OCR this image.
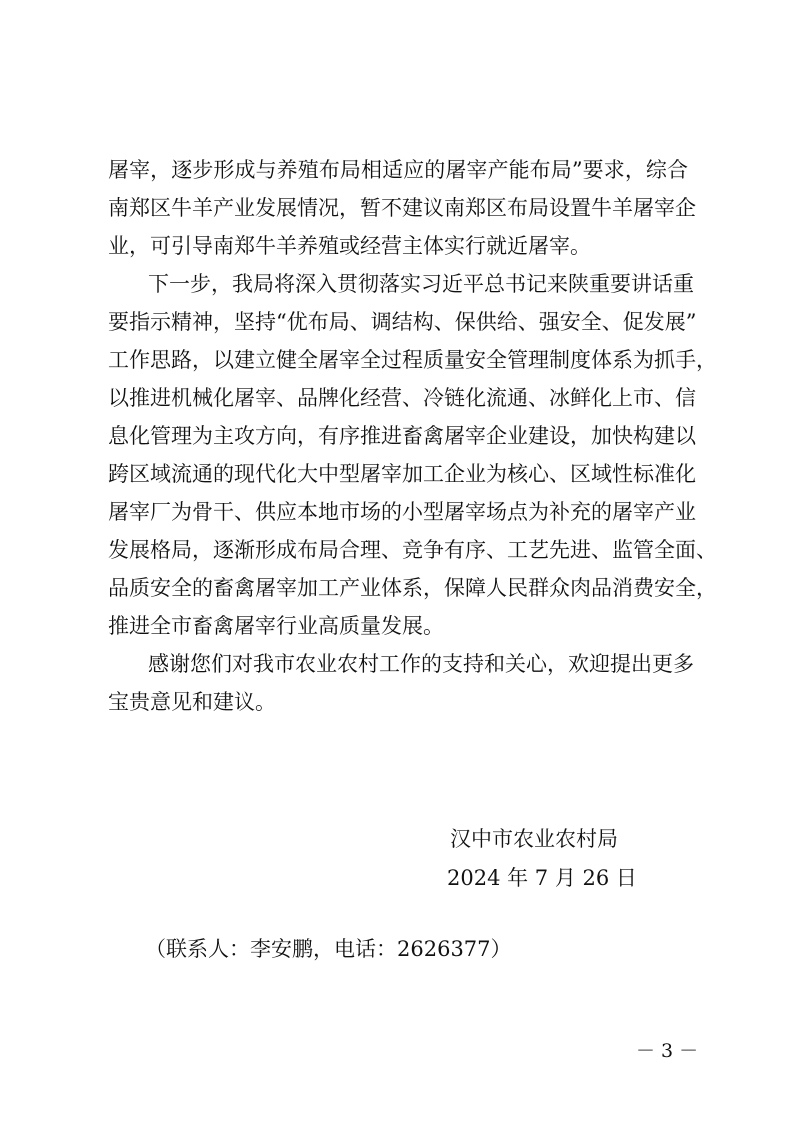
屠宰，逐步形成与养殖布局相适应的屠宰产能布局”要求，综合
南郑区牛羊产业发展情况，暂不建议南郑区布局设置牛羊屠宰企
业，可引导南郑牛羊养殖或经营主体实行就近屠宰。
下一步，我局将深入贯彻落实习近平总书记来陕重要讲话重
要指示精神，坚持“优布局、调结构、保供给、强安全、促发展”
工作思路，以建立健全屠宰全过程质量安全管理制度体系为抓手，
以推进机械化屠宰、品牌化经营、冷链化流通、冰鲜化上市、信
息化管理为主攻方向，有序推进畜禽屠宰企业建设，加快构建以
跨区域流通的现代化大中型屠宰加工企业为核心、区域性标准化
屠宰厂为骨干、供应本地市场的小型屠宰场点为补充的屠宰产业
发展格局，逐渐形成布局合理、竞争有序、工艺先进、监管全面、
品质安全的畜禽屠宰加工产业体系，保障人民群众肉品消费安全，
推进全市畜禽屠宰行业高质量发展。
感谢您们对我市农业农村工作的支持和关心，欢迎提出更多
宝贵意见和建议。
汉中市农业农村局
2024 年 7 月 26 日
（联系人：李安鹏，电话：2626377）
－ 3 －
